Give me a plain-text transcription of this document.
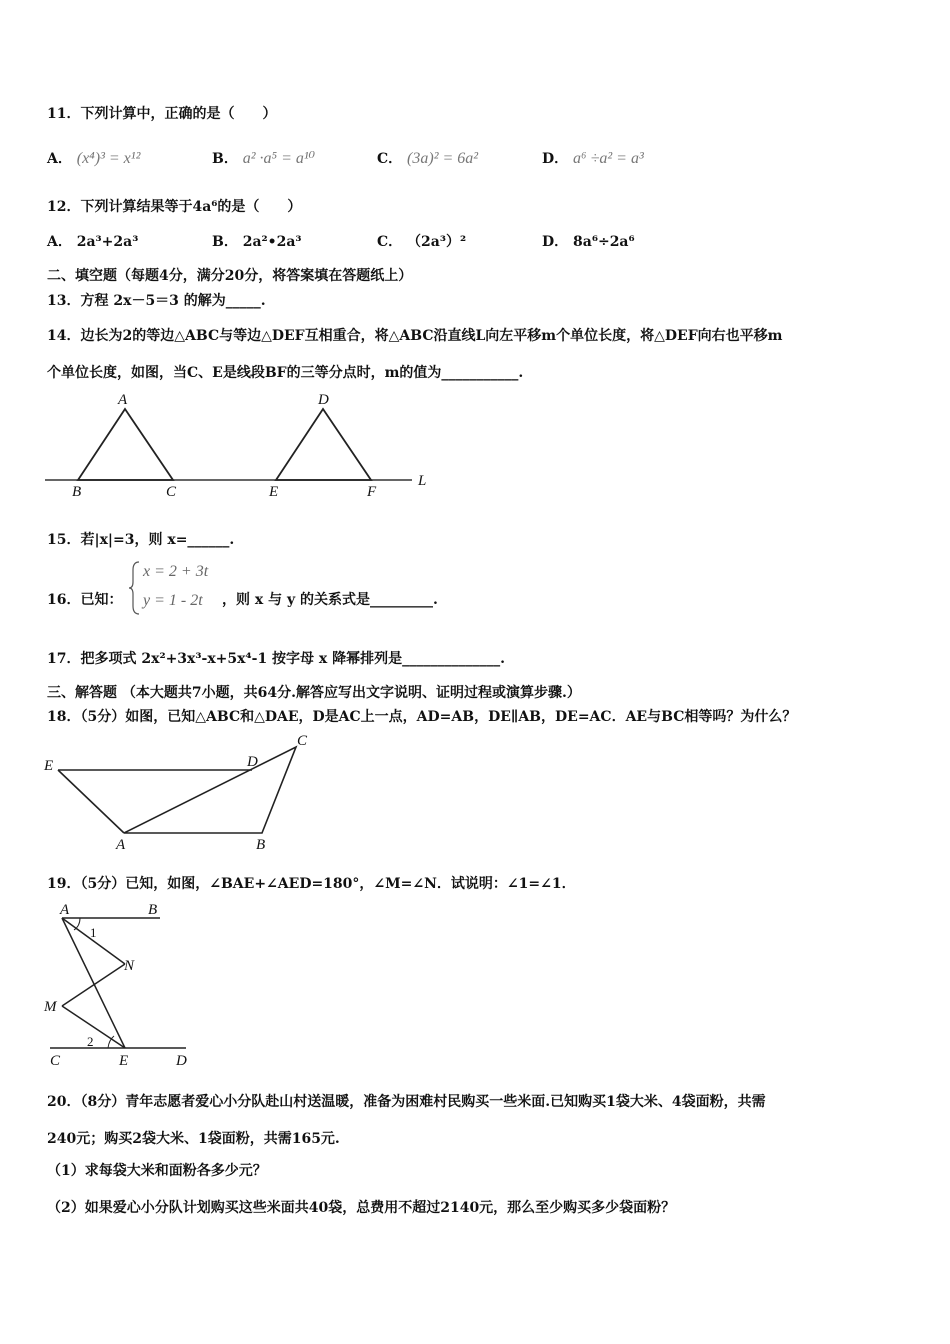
11．下列计算中，正确的是（　　）
A． (x⁴)³ = x¹²	B． a² ·a⁵ = a¹⁰	C． (3a)² = 6a²	D． a⁶ ÷a² = a³
12．下列计算结果等于4a⁶的是（　　）
A． 2a³+2a³	B． 2a²•2a³	C． （2a³）²	D． 8a⁶÷2a⁶
二、填空题（每题4分，满分20分，将答案填在答题纸上）
13．方程 2x－5＝3 的解为_____.
14．边长为2的等边△ABC与等边△DEF互相重合，将△ABC沿直线L向左平移m个单位长度，将△DEF向右也平移m
个单位长度，如图，当C、E是线段BF的三等分点时，m的值为___________.
A
B	C
D
E	F
L
15．若|x|=3，则 x=______.
16．已知：
x = 2 + 3t
y = 1 - 2t ，则 x 与 y 的关系式是_________.
17．把多项式 2x²+3x³-x+5x⁴-1 按字母 x 降幂排列是______________.
三、解答题 （本大题共7小题，共64分.解答应写出文字说明、证明过程或演算步骤.）
18．（5分）如图，已知△ABC和△DAE，D是AC上一点，AD=AB，DE∥AB，DE=AC．AE与BC相等吗？为什么？
E	D
C
A	B
19．（5分）已知，如图，∠BAE+∠AED=180°，∠M=∠N．试说明：∠1=∠1．
A	B
1
N
M
2
C	E	D
20．（8分）青年志愿者爱心小分队赴山村送温暖，准备为困难村民购买一些米面.已知购买1袋大米、4袋面粉，共需
240元；购买2袋大米、1袋面粉，共需165元.
（1）求每袋大米和面粉各多少元？
（2）如果爱心小分队计划购买这些米面共40袋，总费用不超过2140元，那么至少购买多少袋面粉？
